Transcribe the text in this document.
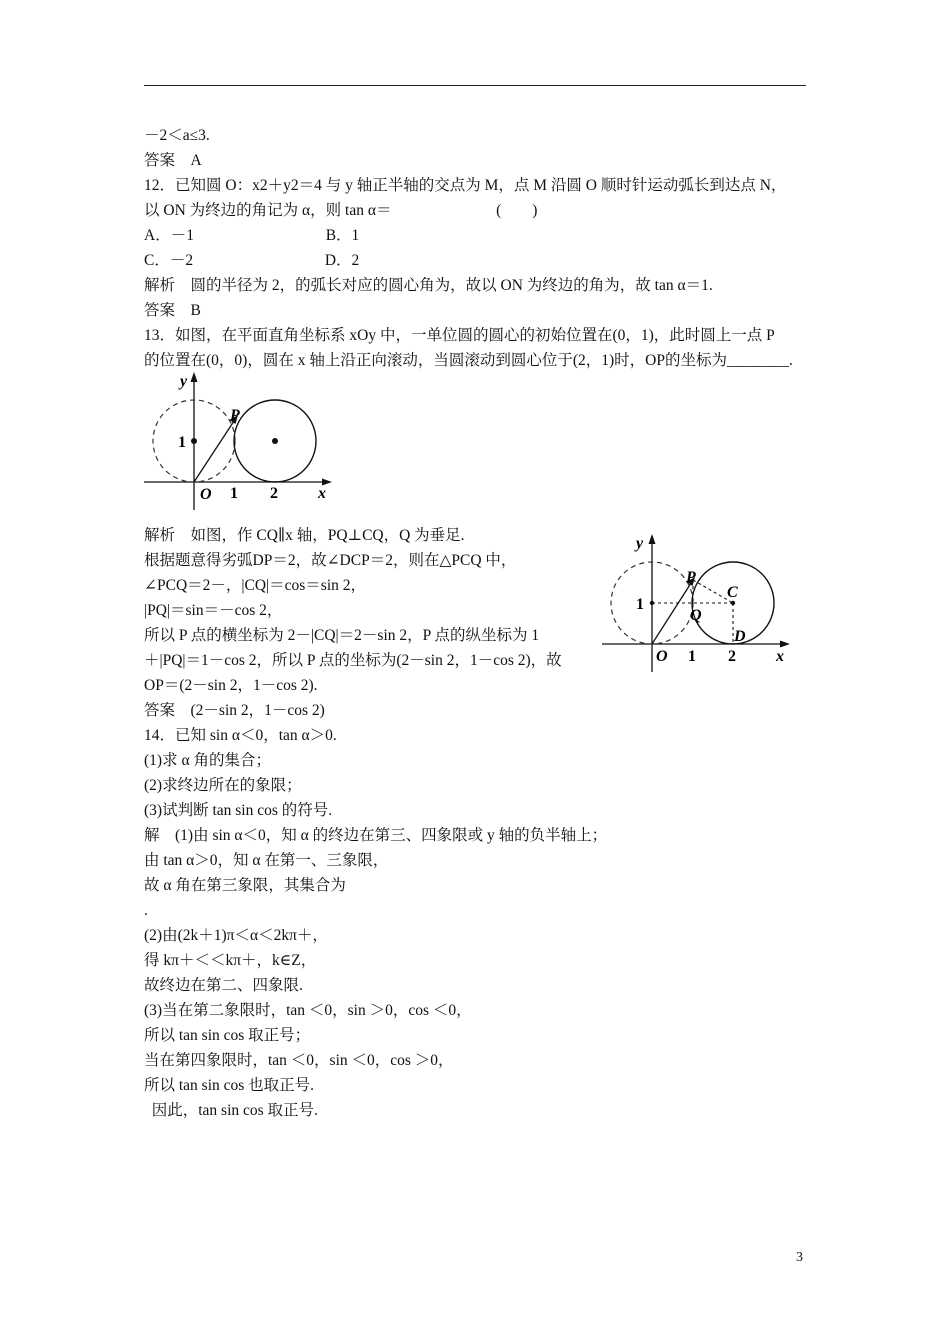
－2＜a≤3.
答案　A
12．已知圆 O：x2＋y2＝4 与 y 轴正半轴的交点为 M，点 M 沿圆 O 顺时针运动弧长到达点 N，
以 ON 为终边的角记为 α，则 tan α＝                           (　　)
A．－1                                  B．1
C．－2                                  D．2
解析　圆的半径为 2，的弧长对应的圆心角为，故以 ON 为终边的角为，故 tan α＝1.
答案　B
13．如图，在平面直角坐标系 xOy 中，一单位圆的圆心的初始位置在(0，1)，此时圆上一点 P
的位置在(0，0)，圆在 x 轴上沿正向滚动，当圆滚动到圆心位于(2，1)时，OP的坐标为________.
y
x
O
1
1 2
P
解析　如图，作 CQ∥x 轴，PQ⊥CQ，Q 为垂足.
根据题意得劣弧DP＝2，故∠DCP＝2，则在△PCQ 中，
∠PCQ＝2－，|CQ|＝cos＝sin 2，
|PQ|＝sin＝－cos 2，
所以 P 点的横坐标为 2－|CQ|＝2－sin 2，P 点的纵坐标为 1
＋|PQ|＝1－cos 2，所以 P 点的坐标为(2－sin 2，1－cos 2)，故
OP＝(2－sin 2，1－cos 2).
答案　(2－sin 2，1－cos 2)
y
x
O
1
1 2
P
C
Q
D
14．已知 sin α＜0，tan α＞0.
(1)求 α 角的集合；
(2)求终边所在的象限；
(3)试判断 tan sin cos 的符号.
解　(1)由 sin α＜0，知 α 的终边在第三、四象限或 y 轴的负半轴上；
由 tan α＞0，知 α 在第一、三象限，
故 α 角在第三象限，其集合为
.
(2)由(2k＋1)π＜α＜2kπ＋，
得 kπ＋＜＜kπ＋，k∈Z，
故终边在第二、四象限.
(3)当在第二象限时，tan ＜0，sin ＞0，cos ＜0，
所以 tan sin cos 取正号；
当在第四象限时，tan ＜0，sin ＜0，cos ＞0，
所以 tan sin cos 也取正号.
因此，tan sin cos 取正号.
3
